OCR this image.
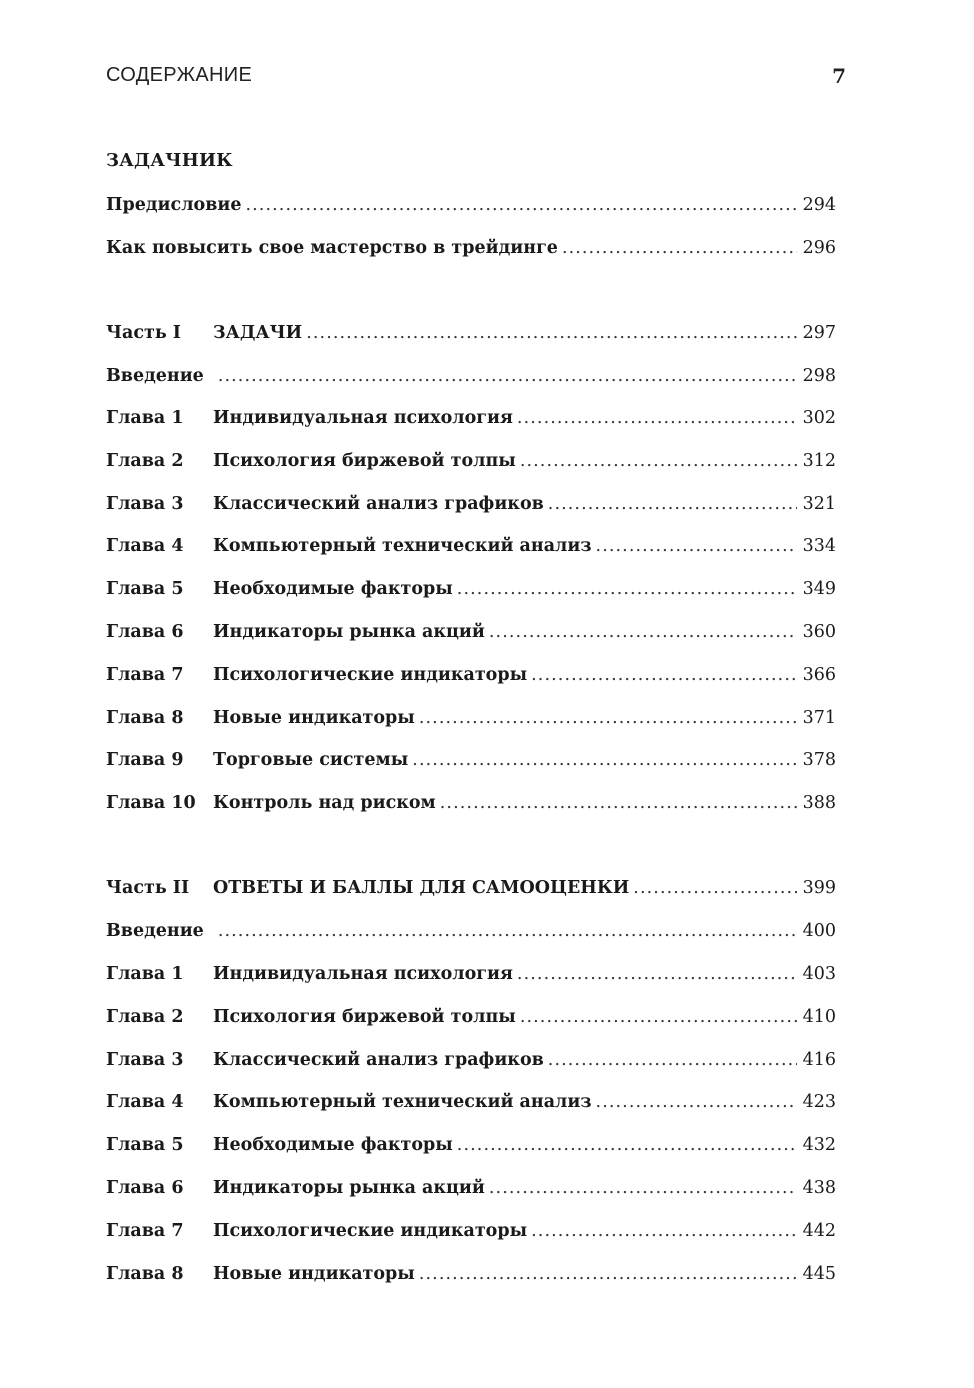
СОДЕРЖАНИЕ	7
ЗАДАЧНИК
Предисловие .....	294
Как повысить свое мастерство в трейдинге .....	296
Часть I	ЗАДАЧИ .....	297
Введение .....	298
Глава 1	Индивидуальная психология .....	302
Глава 2	Психология биржевой толпы .....	312
Глава 3	Классический анализ графиков .....	321
Глава 4	Компьютерный технический анализ .....	334
Глава 5	Необходимые факторы .....	349
Глава 6	Индикаторы рынка акций .....	360
Глава 7	Психологические индикаторы .....	366
Глава 8	Новые индикаторы .....	371
Глава 9	Торговые системы .....	378
Глава 10 Контроль над риском .....	388
Часть II	ОТВЕТЫ И БАЛЛЫ ДЛЯ САМООЦЕНКИ .....	399
Введение .....	400
Глава 1	Индивидуальная психология .....	403
Глава 2	Психология биржевой толпы .....	410
Глава 3	Классический анализ графиков .....	416
Глава 4	Компьютерный технический анализ .....	423
Глава 5	Необходимые факторы .....	432
Глава 6	Индикаторы рынка акций .....	438
Глава 7	Психологические индикаторы .....	442
Глава 8	Новые индикаторы .....	445
